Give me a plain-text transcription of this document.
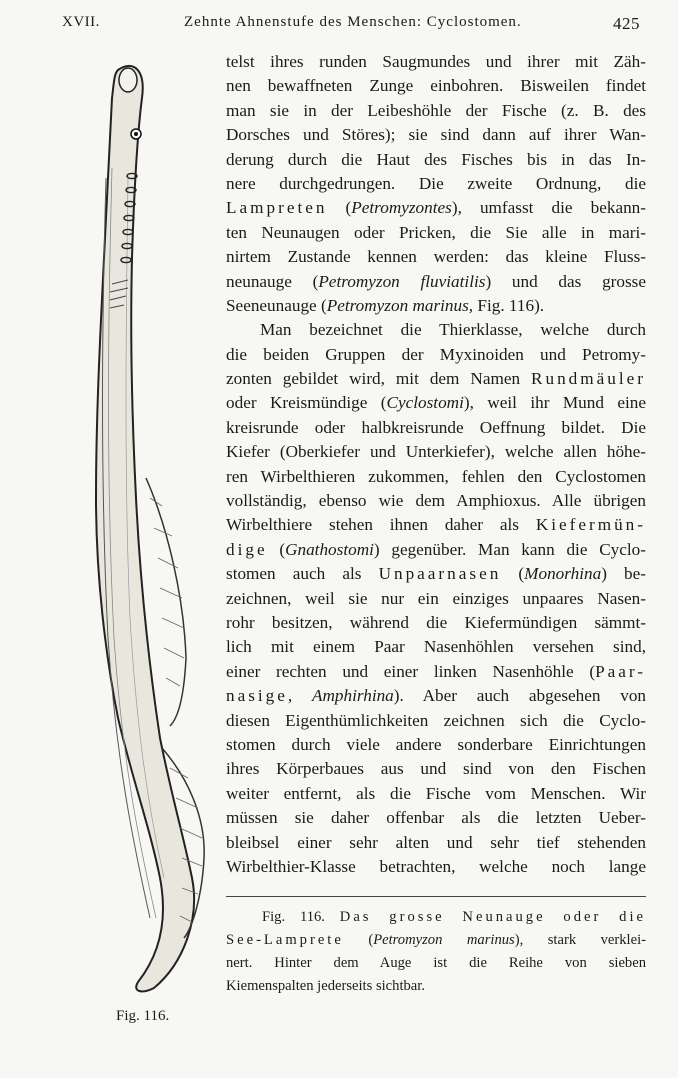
XVII.	Zehnte Ahnenstufe des Menschen: Cyclostomen.	425
Fig. 116.
telst ihres runden Saugmundes und ihrer mit Zäh-
nen bewaffneten Zunge einbohren. Bisweilen findet
man sie in der Leibeshöhle der Fische (z. B. des
Dorsches und Störes); sie sind dann auf ihrer Wan-
derung durch die Haut des Fisches bis in das In-
nere durchgedrungen. Die zweite Ordnung, die
Lampreten (Petromyzontes), umfasst die bekann-
ten Neunaugen oder Pricken, die Sie alle in mari-
nirtem Zustande kennen werden: das kleine Fluss-
neunauge (Petromyzon fluviatilis) und das grosse
Seeneunauge (Petromyzon marinus, Fig. 116).
Man bezeichnet die Thierklasse, welche durch
die beiden Gruppen der Myxinoiden und Petromy-
zonten gebildet wird, mit dem Namen Rundmäuler
oder Kreismündige (Cyclostomi), weil ihr Mund eine
kreisrunde oder halbkreisrunde Oeffnung bildet. Die
Kiefer (Oberkiefer und Unterkiefer), welche allen höhe-
ren Wirbelthieren zukommen, fehlen den Cyclostomen
vollständig, ebenso wie dem Amphioxus. Alle übrigen
Wirbelthiere stehen ihnen daher als Kiefermün-
dige (Gnathostomi) gegenüber. Man kann die Cyclo-
stomen auch als Unpaarnasen (Monorhina) be-
zeichnen, weil sie nur ein einziges unpaares Nasen-
rohr besitzen, während die Kiefermündigen sämmt-
lich mit einem Paar Nasenhöhlen versehen sind,
einer rechten und einer linken Nasenhöhle (Paar-
nasige, Amphirhina). Aber auch abgesehen von
diesen Eigenthümlichkeiten zeichnen sich die Cyclo-
stomen durch viele andere sonderbare Einrichtungen
ihres Körperbaues aus und sind von den Fischen
weiter entfernt, als die Fische vom Menschen. Wir
müssen sie daher offenbar als die letzten Ueber-
bleibsel einer sehr alten und sehr tief stehenden
Wirbelthier-Klasse betrachten, welche noch lange
Fig. 116. Das grosse Neunauge oder die
See-Lamprete (Petromyzon marinus), stark verklei-
nert. Hinter dem Auge ist die Reihe von sieben
Kiemenspalten jederseits sichtbar.
